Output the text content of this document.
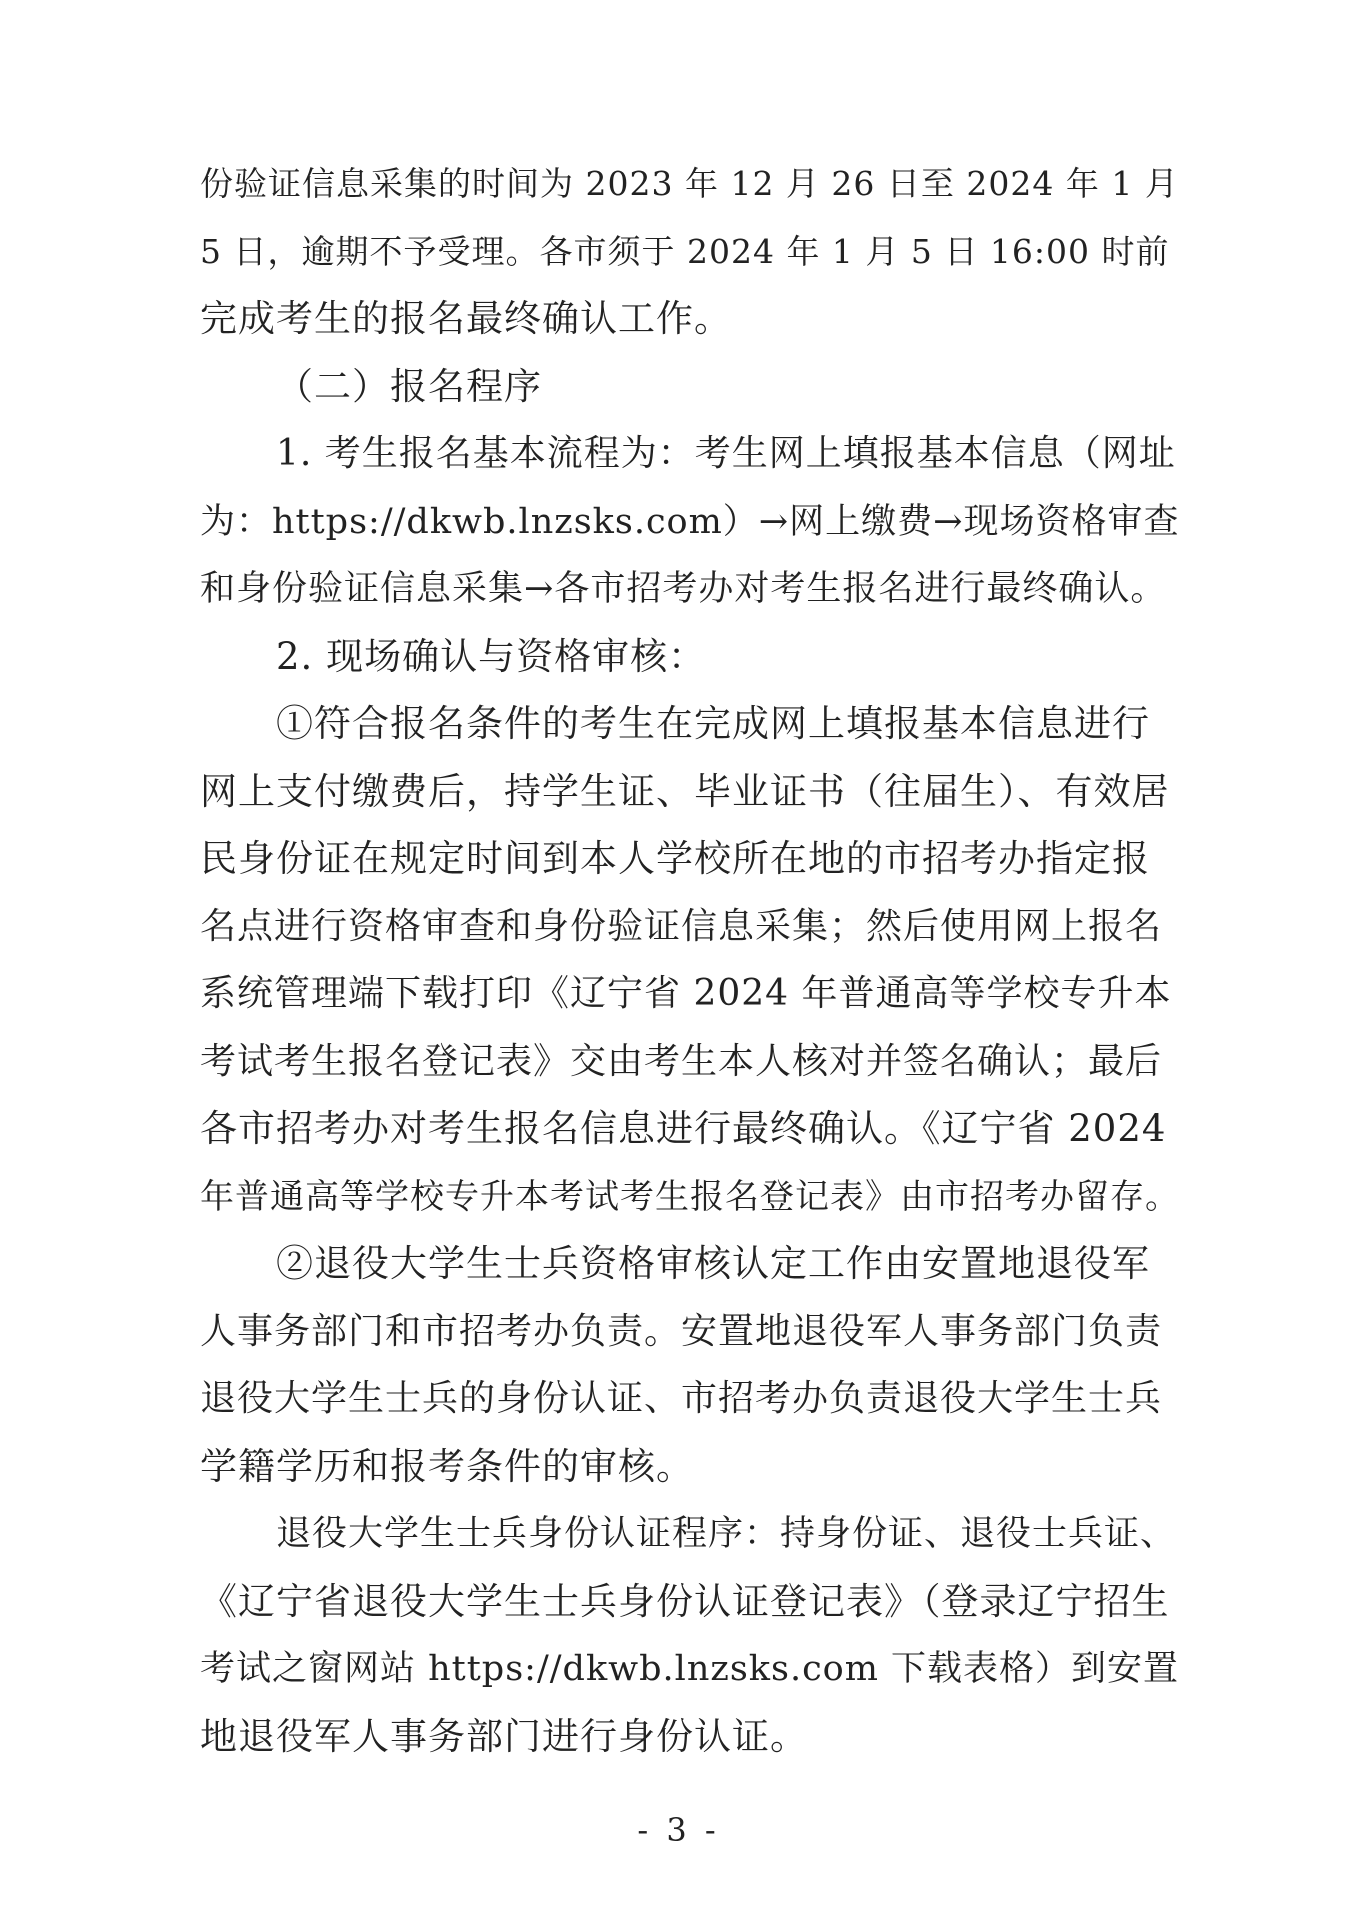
份验证信息采集的时间为 2023 年 12 月 26 日至 2024 年 1 月
5 日，逾期不予受理。各市须于 2024 年 1 月 5 日 16:00 时前
完成考生的报名最终确认工作。
（二）报名程序
1. 考生报名基本流程为：考生网上填报基本信息（网址
为：https://dkwb.lnzsks.com）→网上缴费→现场资格审查
和身份验证信息采集→各市招考办对考生报名进行最终确认。
2. 现场确认与资格审核：
①符合报名条件的考生在完成网上填报基本信息进行
网上支付缴费后，持学生证、毕业证书（往届生）、有效居
民身份证在规定时间到本人学校所在地的市招考办指定报
名点进行资格审查和身份验证信息采集；然后使用网上报名
系统管理端下载打印《辽宁省 2024 年普通高等学校专升本
考试考生报名登记表》交由考生本人核对并签名确认；最后
各市招考办对考生报名信息进行最终确认。《辽宁省 2024
年普通高等学校专升本考试考生报名登记表》由市招考办留存。
②退役大学生士兵资格审核认定工作由安置地退役军
人事务部门和市招考办负责。安置地退役军人事务部门负责
退役大学生士兵的身份认证、市招考办负责退役大学生士兵
学籍学历和报考条件的审核。
退役大学生士兵身份认证程序：持身份证、退役士兵证、
《辽宁省退役大学生士兵身份认证登记表》（登录辽宁招生
考试之窗网站 https://dkwb.lnzsks.com 下载表格）到安置
地退役军人事务部门进行身份认证。
- 3 -
